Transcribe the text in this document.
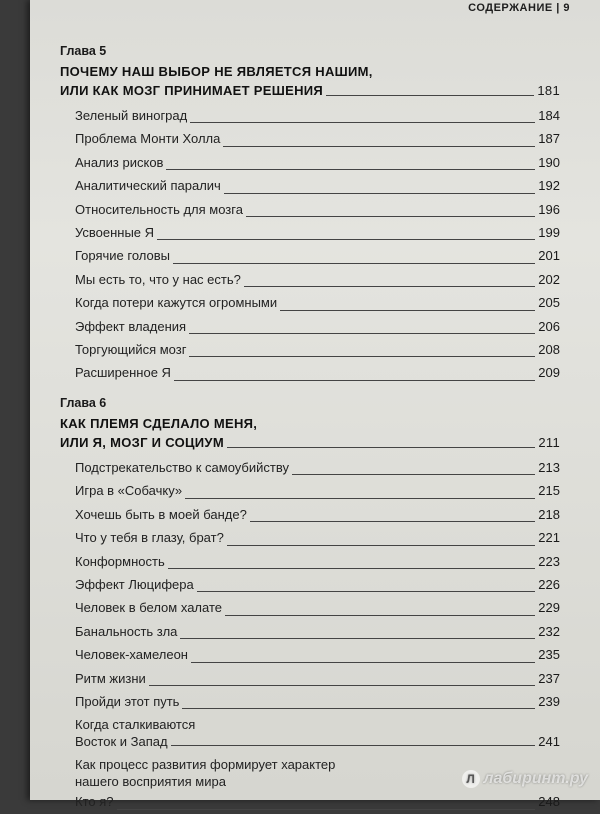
СОДЕРЖАНИЕ | 9
Глава 5
ПОЧЕМУ НАШ ВЫБОР НЕ ЯВЛЯЕТСЯ НАШИМ,
ИЛИ КАК МОЗГ ПРИНИМАЕТ РЕШЕНИЯ	181
Зеленый виноград	184
Проблема Монти Холла	187
Анализ рисков	190
Аналитический паралич	192
Относительность для мозга	196
Усвоенные Я	199
Горячие головы	201
Мы есть то, что у нас есть?	202
Когда потери кажутся огромными	205
Эффект владения	206
Торгующийся мозг	208
Расширенное Я	209
Глава 6
КАК ПЛЕМЯ СДЕЛАЛО МЕНЯ,
ИЛИ Я, МОЗГ И СОЦИУМ	211
Подстрекательство к самоубийству	213
Игра в «Собачку»	215
Хочешь быть в моей банде?	218
Что у тебя в глазу, брат?	221
Конформность	223
Эффект Люцифера	226
Человек в белом халате	229
Банальность зла	232
Человек-хамелеон	235
Ритм жизни	237
Пройди этот путь	239
Когда сталкиваются
Восток и Запад	241
Как процесс развития формирует характер
нашего восприятия мира
Кто я?	248
Л лабиринт.ру
